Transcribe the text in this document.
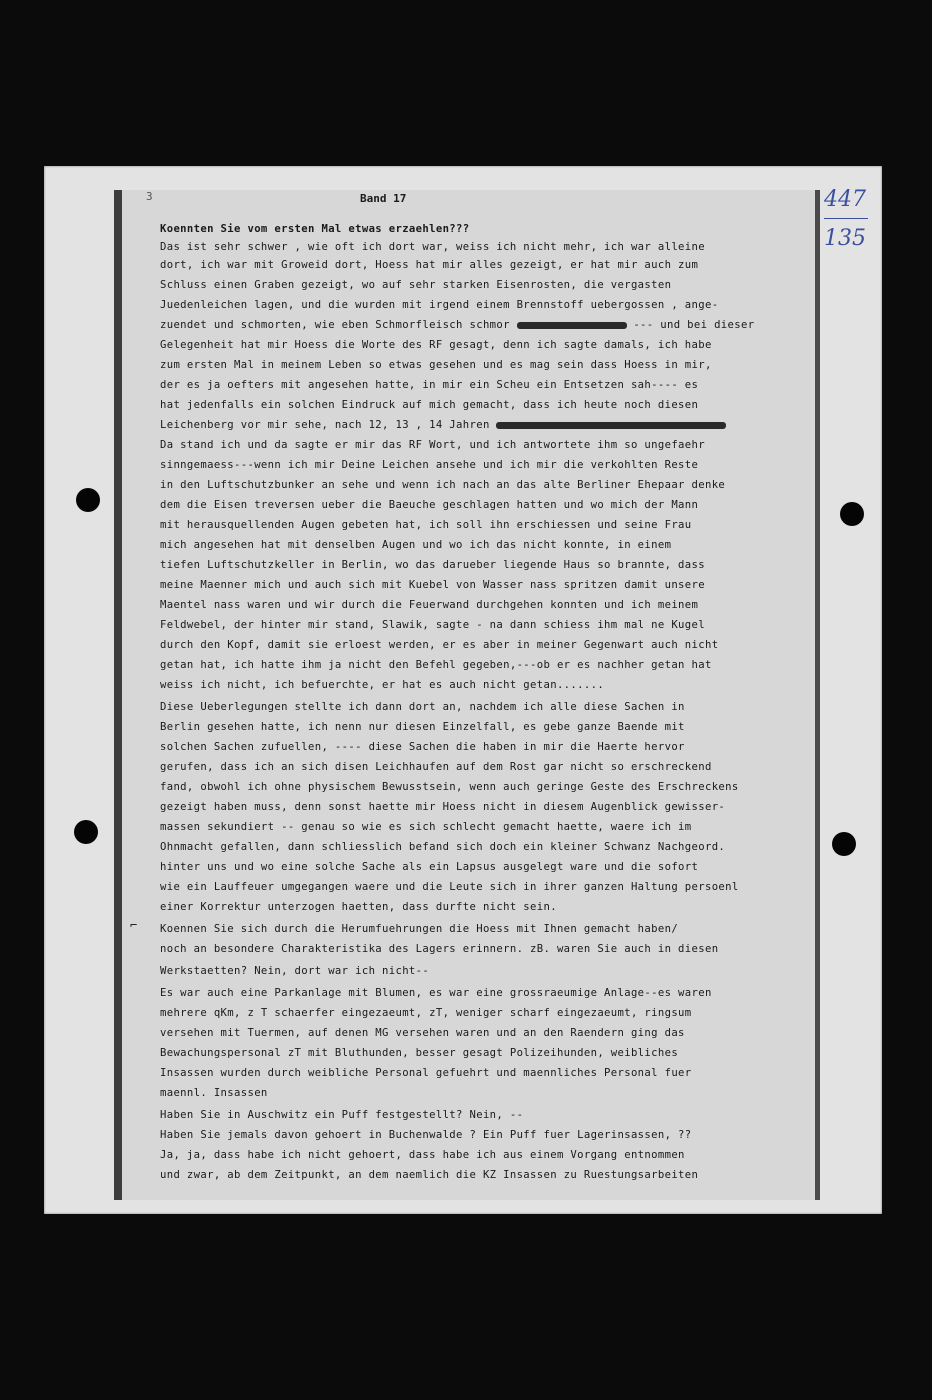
3	447
135
Band 17
Koennten Sie vom ersten Mal etwas erzaehlen???
Das ist sehr schwer , wie oft ich dort war, weiss ich nicht mehr, ich war alleine
dort, ich war mit Groweid dort, Hoess hat mir alles gezeigt, er hat mir auch zum
Schluss einen Graben gezeigt, wo auf sehr starken Eisenrosten, die vergasten
Juedenleichen lagen, und die wurden mit irgend einem Brennstoff uebergossen , ange-
zuendet und schmorten, wie eben Schmorfleisch schmor	--- und bei dieser
Gelegenheit hat mir Hoess die Worte des RF gesagt, denn ich sagte damals, ich habe
zum ersten Mal in meinem Leben so etwas gesehen und es mag sein dass Hoess in mir,
der es ja oefters mit angesehen hatte, in mir ein Scheu ein Entsetzen sah---- es
hat jedenfalls ein solchen Eindruck auf mich gemacht, dass ich heute noch diesen
Leichenberg vor mir sehe, nach 12, 13 , 14 Jahren
Da stand ich und da sagte er mir das RF Wort, und ich antwortete ihm so ungefaehr
sinngemaess---wenn ich mir Deine Leichen ansehe und ich mir die verkohlten Reste
in den Luftschutzbunker an sehe und wenn ich nach an das alte Berliner Ehepaar denke
dem die Eisen treversen ueber die Baeuche geschlagen hatten und wo mich der Mann
mit herausquellenden Augen gebeten hat, ich soll ihn erschiessen und seine Frau
mich angesehen hat mit denselben Augen und wo ich das nicht konnte, in einem
tiefen Luftschutzkeller in Berlin, wo das darueber liegende Haus so brannte, dass
meine Maenner mich und auch sich mit Kuebel von Wasser nass spritzen damit unsere
Maentel nass waren und wir durch die Feuerwand durchgehen konnten und ich meinem
Feldwebel, der hinter mir stand, Slawik, sagte - na dann schiess ihm mal ne Kugel
durch den Kopf, damit sie erloest werden, er es aber in meiner Gegenwart auch nicht
getan hat, ich hatte ihm ja nicht den Befehl gegeben,---ob er es nachher getan hat
weiss ich nicht, ich befuerchte, er hat es auch nicht getan.......
Diese Ueberlegungen stellte ich dann dort an, nachdem ich alle diese Sachen in
Berlin gesehen hatte, ich nenn nur diesen Einzelfall, es gebe ganze Baende mit
solchen Sachen zufuellen, ---- diese Sachen die haben in mir die Haerte hervor
gerufen, dass ich an sich disen Leichhaufen auf dem Rost gar nicht so erschreckend
fand, obwohl ich ohne physischem Bewusstsein, wenn auch geringe Geste des Erschreckens
gezeigt haben muss, denn sonst haette mir Hoess nicht in diesem Augenblick gewisser-
massen sekundiert -- genau so wie es sich schlecht gemacht haette, waere ich im
Ohnmacht gefallen, dann schliesslich befand sich doch ein kleiner Schwanz Nachgeord.
hinter uns und wo eine solche Sache als ein Lapsus ausgelegt ware und die sofort
wie ein Lauffeuer umgegangen waere und die Leute sich in ihrer ganzen Haltung persoenl
einer Korrektur unterzogen haetten, dass durfte nicht sein.
Koennen Sie sich durch die Herumfuehrungen die Hoess mit Ihnen gemacht haben/
noch an besondere Charakteristika des Lagers erinnern. zB. waren Sie auch in diesen
Werkstaetten? Nein, dort war ich nicht--
Es war auch eine Parkanlage mit Blumen, es war eine grossraeumige Anlage--es waren
mehrere qKm, z T schaerfer eingezaeumt, zT, weniger scharf eingezaeumt, ringsum
versehen mit Tuermen, auf denen MG versehen waren und an den Raendern ging das
Bewachungspersonal zT mit Bluthunden, besser gesagt Polizeihunden, weibliches
Insassen wurden durch weibliche Personal gefuehrt und maennliches Personal fuer
maennl. Insassen
Haben Sie in Auschwitz ein Puff festgestellt? Nein, --
Haben Sie jemals davon gehoert in Buchenwalde ? Ein Puff fuer Lagerinsassen, ??
Ja, ja, dass habe ich nicht gehoert, dass habe ich aus einem Vorgang entnommen
und zwar, ab dem Zeitpunkt, an dem naemlich die KZ Insassen zu Ruestungsarbeiten
⌐
